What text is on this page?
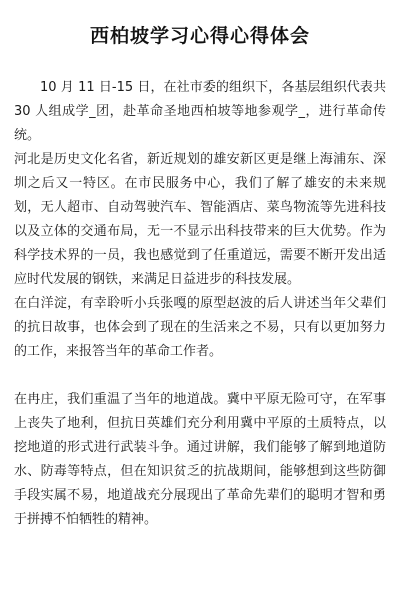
西柏坡学习心得心得体会

10 月 11 日-15 日，在社市委的组织下，各基层组织代表共 30 人组成学_团，赴革命圣地西柏坡等地参观学_，进行革命传统。

河北是历史文化名省，新近规划的雄安新区更是继上海浦东、深圳之后又一特区。在市民服务中心，我们了解了雄安的未来规划，无人超市、自动驾驶汽车、智能酒店、菜鸟物流等先进科技以及立体的交通布局，无一不显示出科技带来的巨大优势。作为科学技术界的一员，我也感觉到了任重道远，需要不断开发出适应时代发展的钢铁，来满足日益进步的科技发展。

在白洋淀，有幸聆听小兵张嘎的原型赵波的后人讲述当年父辈们的抗日故事，也体会到了现在的生活来之不易，只有以更加努力的工作，来报答当年的革命工作者。

在冉庄，我们重温了当年的地道战。冀中平原无险可守，在军事上丧失了地利，但抗日英雄们充分利用冀中平原的土质特点，以挖地道的形式进行武装斗争。通过讲解，我们能够了解到地道防水、防毒等特点，但在知识贫乏的抗战期间，能够想到这些防御手段实属不易，地道战充分展现出了革命先辈们的聪明才智和勇于拼搏不怕牺牲的精神。
